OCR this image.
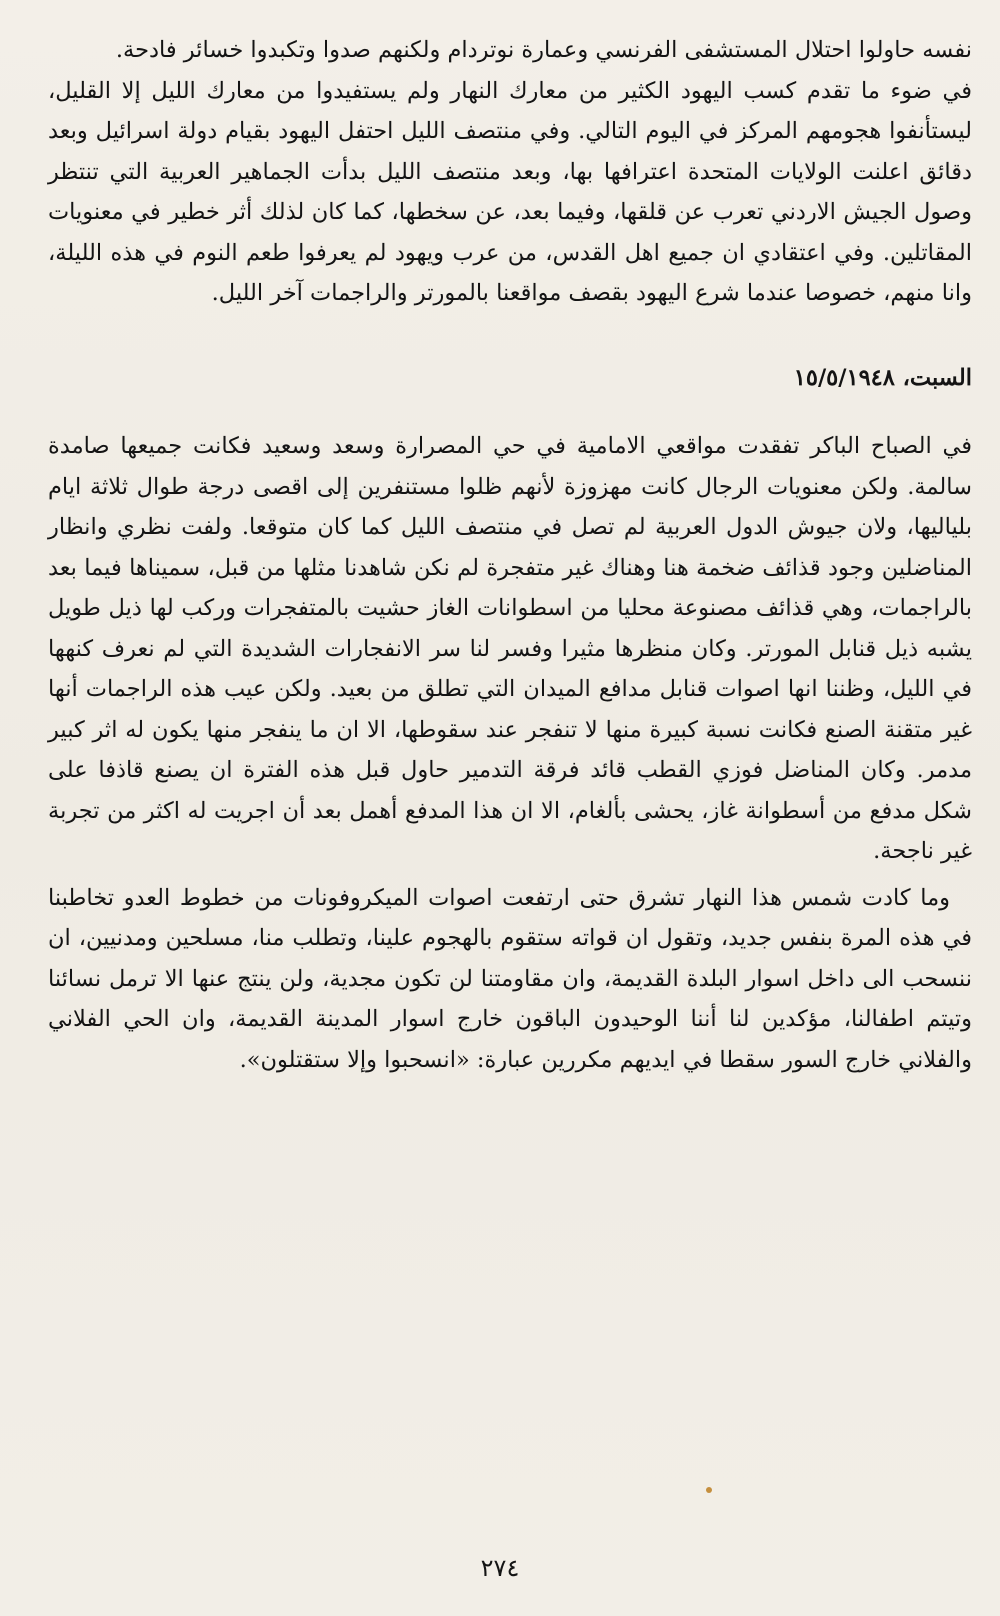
نفسه حاولوا احتلال المستشفى الفرنسي وعمارة نوتردام ولكنهم صدوا وتكبدوا خسائر فادحة.

في ضوء ما تقدم كسب اليهود الكثير من معارك النهار ولم يستفيدوا من معارك الليل إلا القليل، ليستأنفوا هجومهم المركز في اليوم التالي. وفي منتصف الليل احتفل اليهود بقيام دولة اسرائيل وبعد دقائق اعلنت الولايات المتحدة اعترافها بها، وبعد منتصف الليل بدأت الجماهير العربية التي تنتظر وصول الجيش الاردني تعرب عن قلقها، وفيما بعد، عن سخطها، كما كان لذلك أثر خطير في معنويات المقاتلين. وفي اعتقادي ان جميع اهل القدس، من عرب ويهود لم يعرفوا طعم النوم في هذه الليلة، وانا منهم، خصوصا عندما شرع اليهود بقصف مواقعنا بالمورتر والراجمات آخر الليل.

السبت، ١٥/٥/١٩٤٨

في الصباح الباكر تفقدت مواقعي الامامية في حي المصرارة وسعد وسعيد فكانت جميعها صامدة سالمة. ولكن معنويات الرجال كانت مهزوزة لأنهم ظلوا مستنفرين إلى اقصى درجة طوال ثلاثة ايام بلياليها، ولان جيوش الدول العربية لم تصل في منتصف الليل كما كان متوقعا. ولفت نظري وانظار المناضلين وجود قذائف ضخمة هنا وهناك غير متفجرة لم نكن شاهدنا مثلها من قبل، سميناها فيما بعد بالراجمات، وهي قذائف مصنوعة محليا من اسطوانات الغاز حشيت بالمتفجرات وركب لها ذيل طويل يشبه ذيل قنابل المورتر. وكان منظرها مثيرا وفسر لنا سر الانفجارات الشديدة التي لم نعرف كنهها في الليل، وظننا انها اصوات قنابل مدافع الميدان التي تطلق من بعيد. ولكن عيب هذه الراجمات أنها غير متقنة الصنع فكانت نسبة كبيرة منها لا تنفجر عند سقوطها، الا ان ما ينفجر منها يكون له اثر كبير مدمر. وكان المناضل فوزي القطب قائد فرقة التدمير حاول قبل هذه الفترة ان يصنع قاذفا على شكل مدفع من أسطوانة غاز، يحشى بألغام، الا ان هذا المدفع أهمل بعد أن اجريت له اكثر من تجربة غير ناجحة.

وما كادت شمس هذا النهار تشرق حتى ارتفعت اصوات الميكروفونات من خطوط العدو تخاطبنا في هذه المرة بنفس جديد، وتقول ان قواته ستقوم بالهجوم علينا، وتطلب منا، مسلحين ومدنيين، ان ننسحب الى داخل اسوار البلدة القديمة، وان مقاومتنا لن تكون مجدية، ولن ينتج عنها الا ترمل نسائنا وتيتم اطفالنا، مؤكدين لنا أننا الوحيدون الباقون خارج اسوار المدينة القديمة، وان الحي الفلاني والفلاني خارج السور سقطا في ايديهم مكررين عبارة: «انسحبوا وإلا ستقتلون».

٢٧٤
